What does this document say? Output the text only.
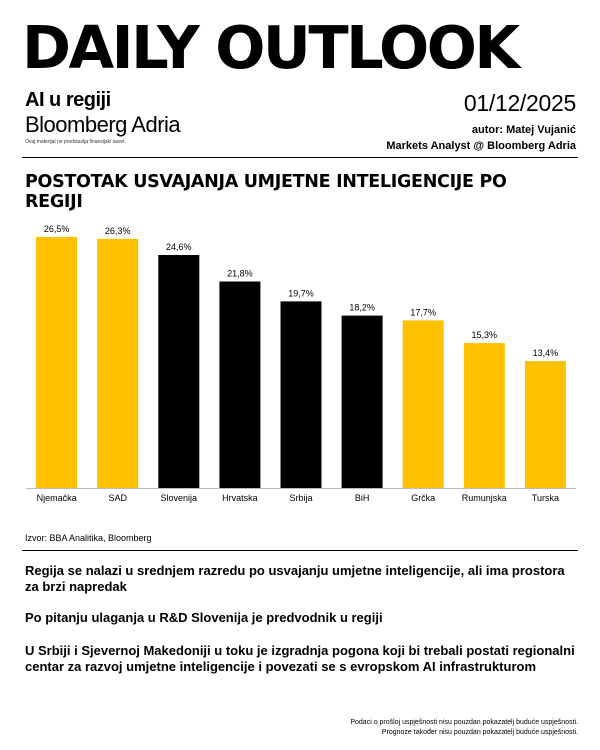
DAILY OUTLOOK
AI u regiji
Bloomberg Adria
Ovaj materijal ne predstavlja finansijski savet.
01/12/2025
autor: Matej Vujanić
Markets Analyst @ Bloomberg Adria
POSTOTAK USVAJANJA UMJETNE INTELIGENCIJE PO REGIJI
26,5%
Njemačka
26,3%
SAD
24,6%
Slovenija
21,8%
Hrvatska
19,7%
Srbija
18,2%
BiH
17,7%
Grčka
15,3%
Rumunjska
13,4%
Turska
Izvor: BBA Analitika, Bloomberg
Regija se nalazi u srednjem razredu po usvajanju umjetne inteligencije, ali ima prostora za brzi napredak
Po pitanju ulaganja u R&D Slovenija je predvodnik u regiji
U Srbiji i Sjevernoj Makedoniji u toku je izgradnja pogona koji bi trebali postati regionalni centar za razvoj umjetne inteligencije i povezati se s evropskom AI infrastrukturom
Podaci o prošlој uspješnosti nisu pouzdan pokazatelj buduće uspješnosti.
Prognoze također nisu pouzdan pokazatelj buduće uspješnosti.
